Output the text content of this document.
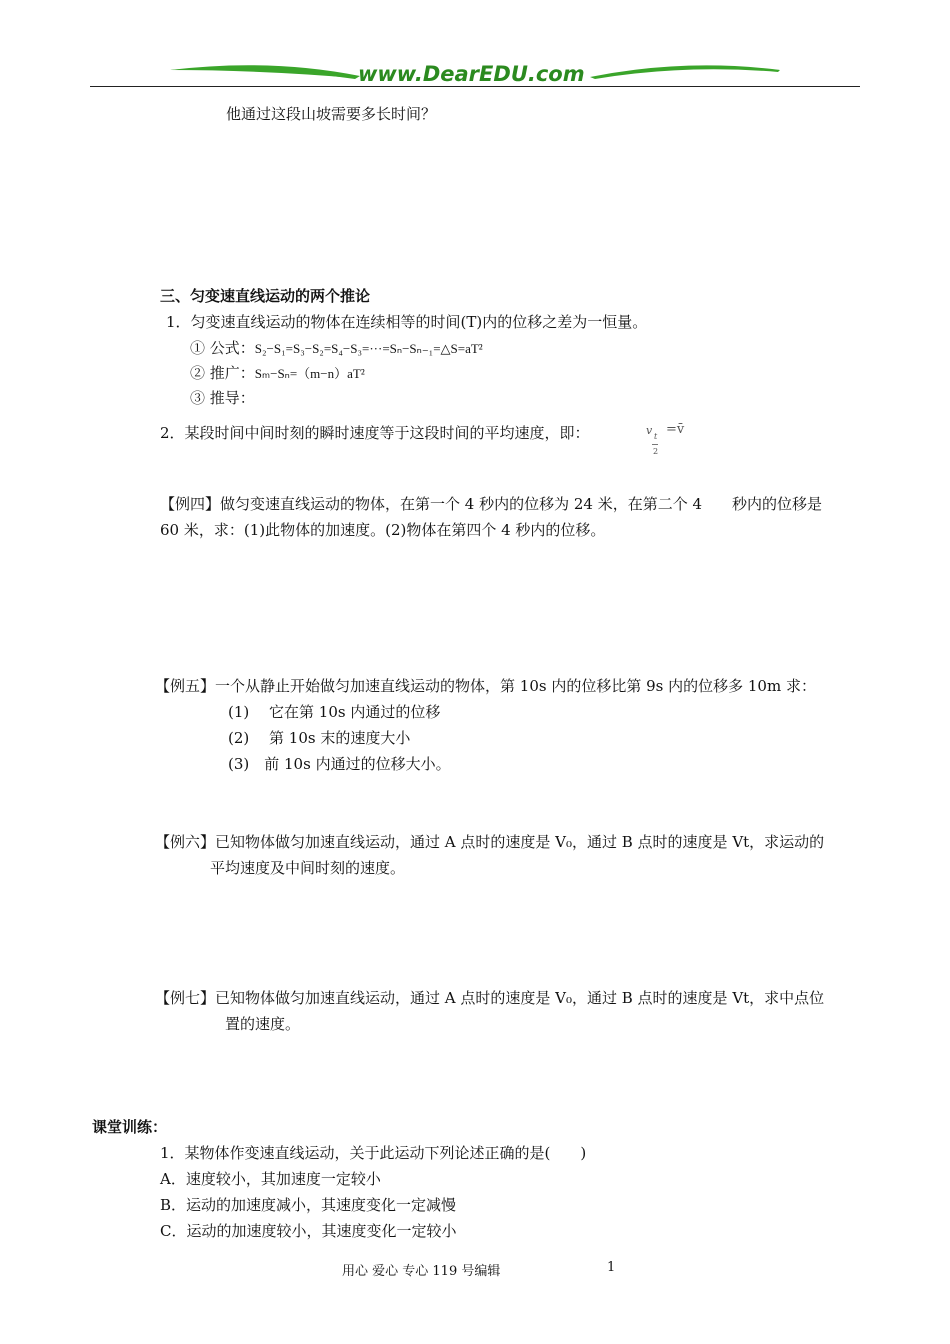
www.DearEDU.com
他通过这段山坡需要多长时间？
三、匀变速直线运动的两个推论
1．匀变速直线运动的物体在连续相等的时间(T)内的位移之差为一恒量。
① 公式：S₂−S₁=S₃−S₂=S₄−S₃=···=Sₙ−Sₙ₋₁=△S=aT²
② 推广：Sₘ−Sₙ=（m−n）aT²
③ 推导：
2．某段时间中间时刻的瞬时速度等于这段时间的平均速度，即：	v t
2
=v̄
【例四】做匀变速直线运动的物体，在第一个 4 秒内的位移为 24 米，在第二个 4　　秒内的位移是
60 米，求：(1)此物体的加速度。(2)物体在第四个 4 秒内的位移。
【例五】一个从静止开始做匀加速直线运动的物体，第 10s 内的位移比第 9s 内的位移多 10m 求：
(1)　 它在第 10s 内通过的位移
(2)　 第 10s 末的速度大小
(3)　前 10s 内通过的位移大小。
【例六】已知物体做匀加速直线运动，通过 A 点时的速度是 V₀，通过 B 点时的速度是 Vt，求运动的
平均速度及中间时刻的速度。
【例七】已知物体做匀加速直线运动，通过 A 点时的速度是 V₀，通过 B 点时的速度是 Vt，求中点位
置的速度。
课堂训练：
1．某物体作变速直线运动，关于此运动下列论述正确的是(　　)
A．速度较小，其加速度一定较小
B．运动的加速度减小，其速度变化一定减慢
C．运动的加速度较小，其速度变化一定较小
用心 爱心 专心 119 号编辑	1
